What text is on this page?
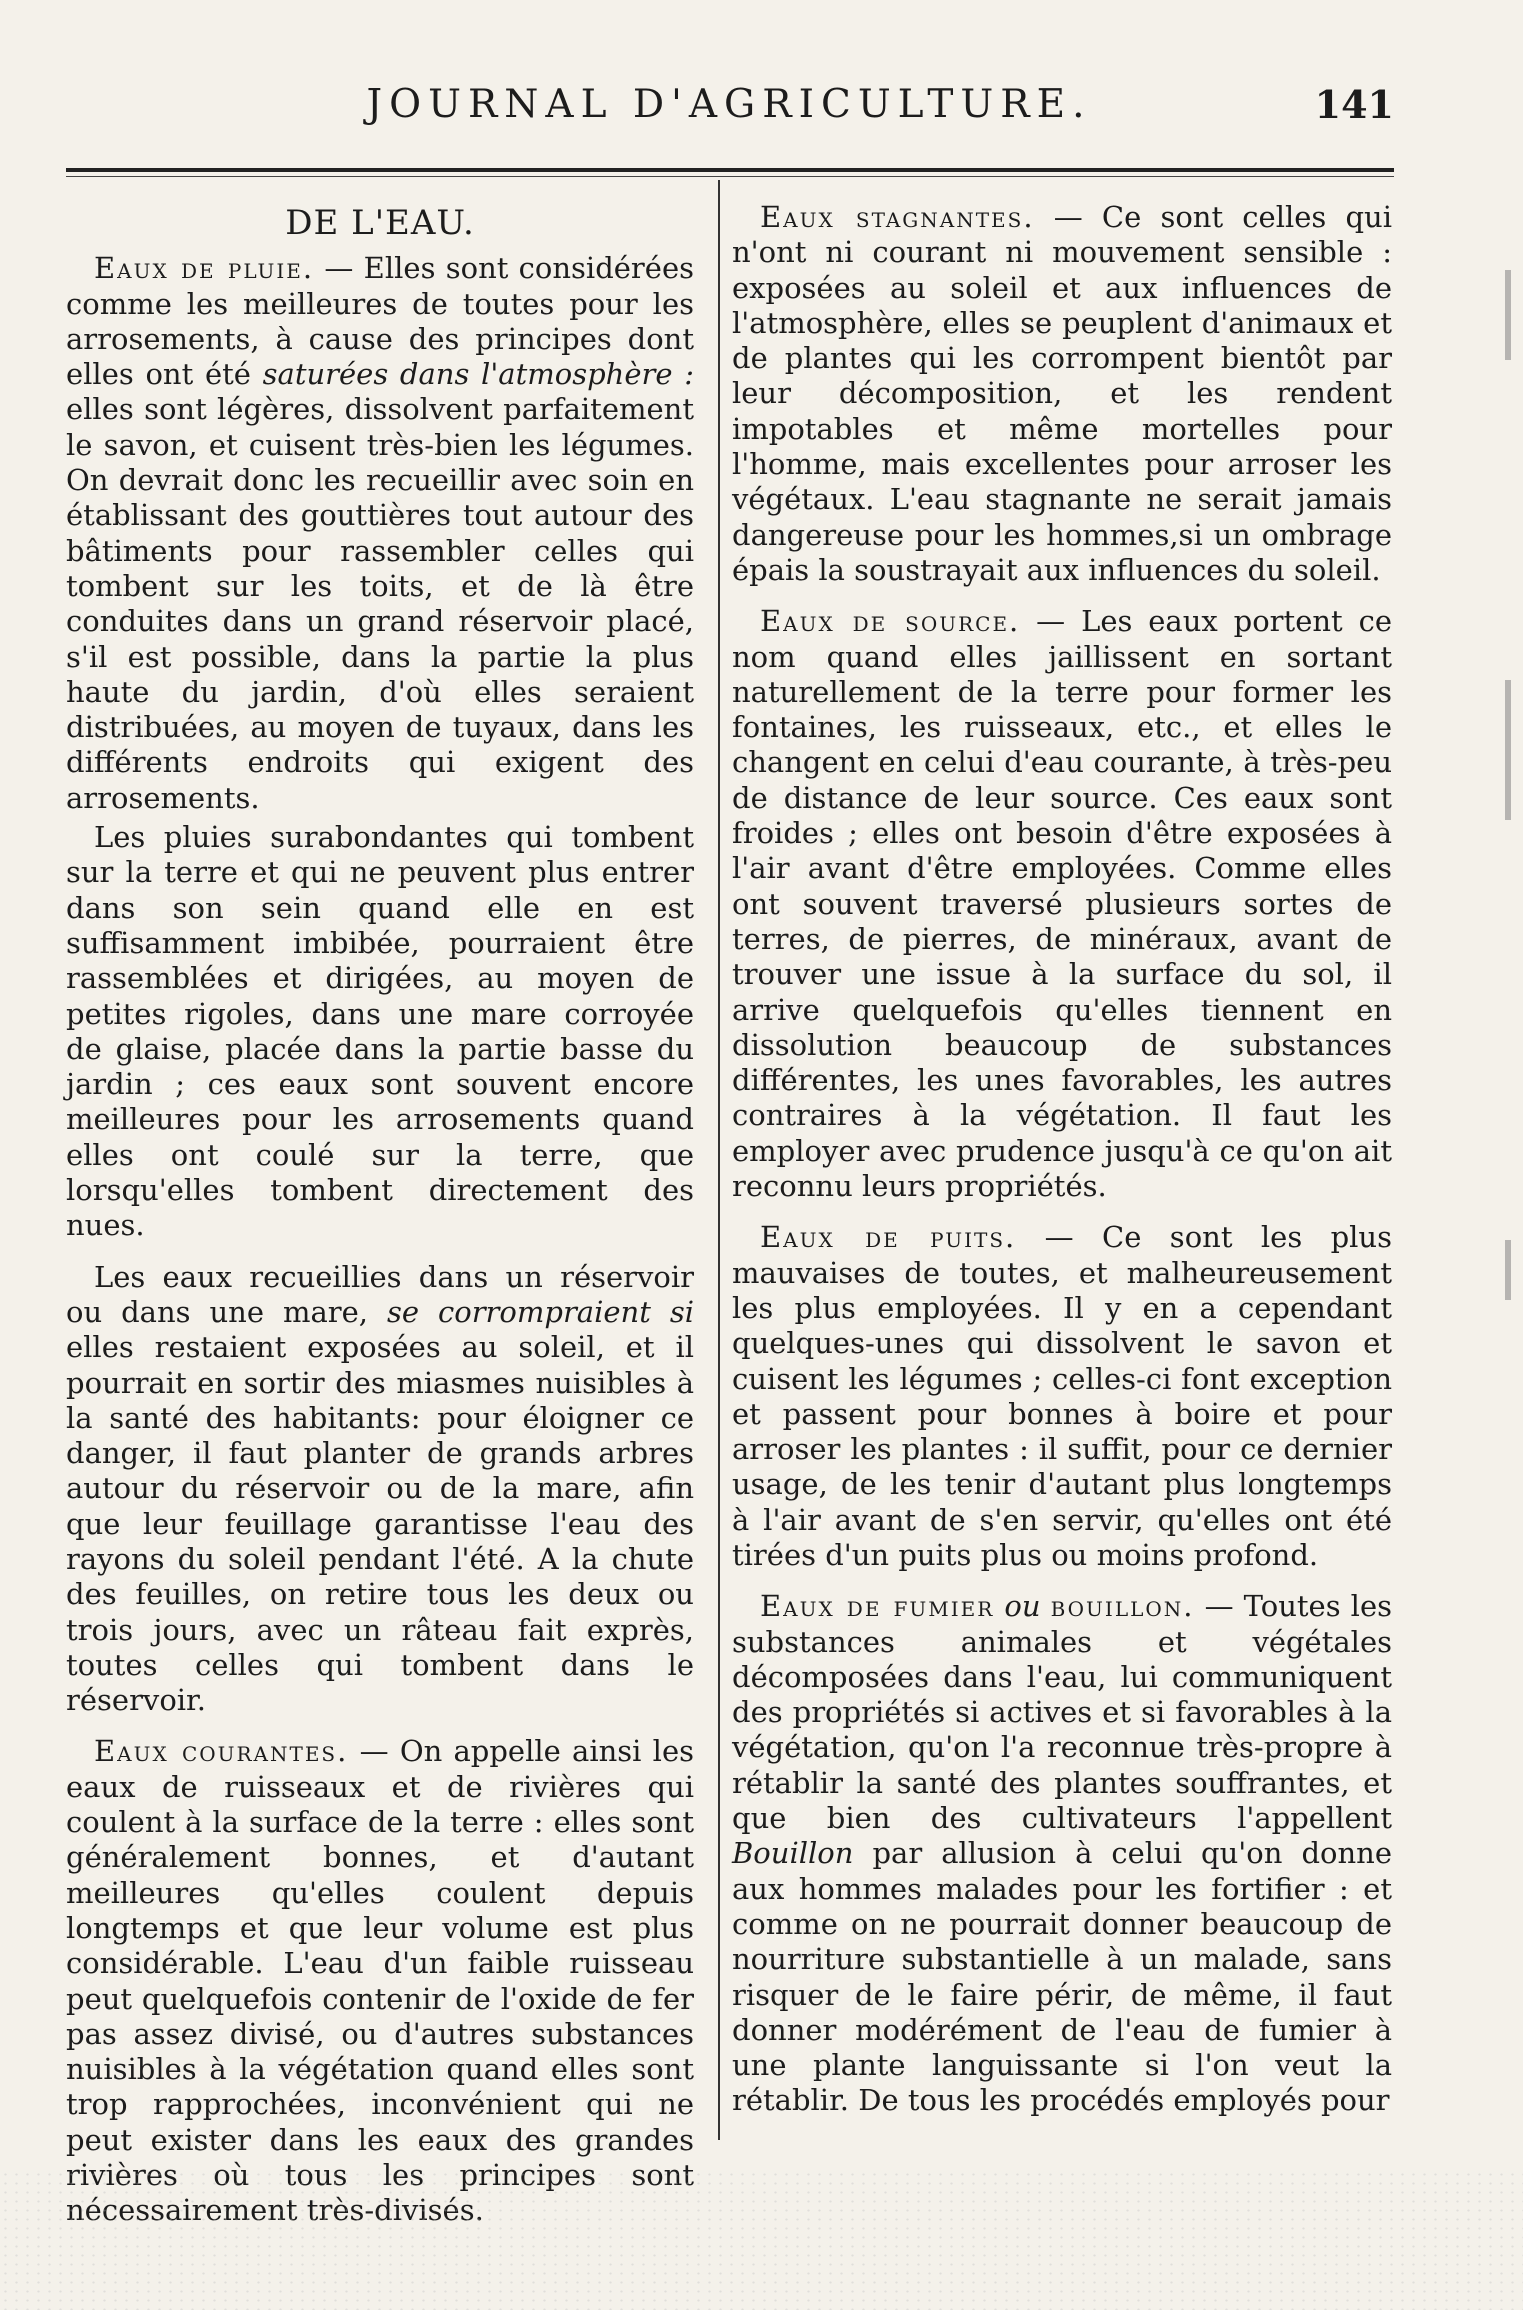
JOURNAL D'AGRICULTURE.	141
DE L'EAU.

Eaux de pluie. — Elles sont considérées comme les meilleures de toutes pour les arrosements, à cause des principes dont elles ont été saturées dans l'atmosphère : elles sont légères, dissolvent parfaitement le savon, et cuisent très-bien les légumes. On devrait donc les recueillir avec soin en établissant des gouttières tout autour des bâtiments pour rassembler celles qui tombent sur les toits, et de là être conduites dans un grand réservoir placé, s'il est possible, dans la partie la plus haute du jardin, d'où elles seraient distribuées, au moyen de tuyaux, dans les différents endroits qui exigent des arrosements.

Les pluies surabondantes qui tombent sur la terre et qui ne peuvent plus entrer dans son sein quand elle en est suffisamment imbibée, pourraient être rassemblées et dirigées, au moyen de petites rigoles, dans une mare corroyée de glaise, placée dans la partie basse du jardin ; ces eaux sont souvent encore meilleures pour les arrosements quand elles ont coulé sur la terre, que lorsqu'elles tombent directement des nues.

Les eaux recueillies dans un réservoir ou dans une mare, se corrompraient si elles restaient exposées au soleil, et il pourrait en sortir des miasmes nuisibles à la santé des habitants: pour éloigner ce danger, il faut planter de grands arbres autour du réservoir ou de la mare, afin que leur feuillage garantisse l'eau des rayons du soleil pendant l'été. A la chute des feuilles, on retire tous les deux ou trois jours, avec un râteau fait exprès, toutes celles qui tombent dans le réservoir.

Eaux courantes. — On appelle ainsi les eaux de ruisseaux et de rivières qui coulent à la surface de la terre : elles sont généralement bonnes, et d'autant meilleures qu'elles coulent depuis longtemps et que leur volume est plus considérable. L'eau d'un faible ruisseau peut quelquefois contenir de l'oxide de fer pas assez divisé, ou d'autres substances nuisibles à la végétation quand elles sont trop rapprochées, inconvénient qui ne peut exister dans les eaux des grandes rivières où tous les principes sont nécessairement très-divisés.

Eaux stagnantes. — Ce sont celles qui n'ont ni courant ni mouvement sensible : exposées au soleil et aux influences de l'atmosphère, elles se peuplent d'animaux et de plantes qui les corrompent bientôt par leur décomposition, et les rendent impotables et même mortelles pour l'homme, mais excellentes pour arroser les végétaux. L'eau stagnante ne serait jamais dangereuse pour les hommes,si un ombrage épais la soustrayait aux influences du soleil.

Eaux de source. — Les eaux portent ce nom quand elles jaillissent en sortant naturellement de la terre pour former les fontaines, les ruisseaux, etc., et elles le changent en celui d'eau courante, à très-peu de distance de leur source. Ces eaux sont froides ; elles ont besoin d'être exposées à l'air avant d'être employées. Comme elles ont souvent traversé plusieurs sortes de terres, de pierres, de minéraux, avant de trouver une issue à la surface du sol, il arrive quelquefois qu'elles tiennent en dissolution beaucoup de substances différentes, les unes favorables, les autres contraires à la végétation. Il faut les employer avec prudence jusqu'à ce qu'on ait reconnu leurs propriétés.

Eaux de puits. — Ce sont les plus mauvaises de toutes, et malheureusement les plus employées. Il y en a cependant quelques-unes qui dissolvent le savon et cuisent les légumes ; celles-ci font exception et passent pour bonnes à boire et pour arroser les plantes : il suffit, pour ce dernier usage, de les tenir d'autant plus longtemps à l'air avant de s'en servir, qu'elles ont été tirées d'un puits plus ou moins profond.

Eaux de fumier ou bouillon. — Toutes les substances animales et végétales décomposées dans l'eau, lui communiquent des propriétés si actives et si favorables à la végétation, qu'on l'a reconnue très-propre à rétablir la santé des plantes souffrantes, et que bien des cultivateurs l'appellent Bouillon par allusion à celui qu'on donne aux hommes malades pour les fortifier : et comme on ne pourrait donner beaucoup de nourriture substantielle à un malade, sans risquer de le faire périr, de même, il faut donner modérément de l'eau de fumier à une plante languissante si l'on veut la rétablir. De tous les procédés employés pour
